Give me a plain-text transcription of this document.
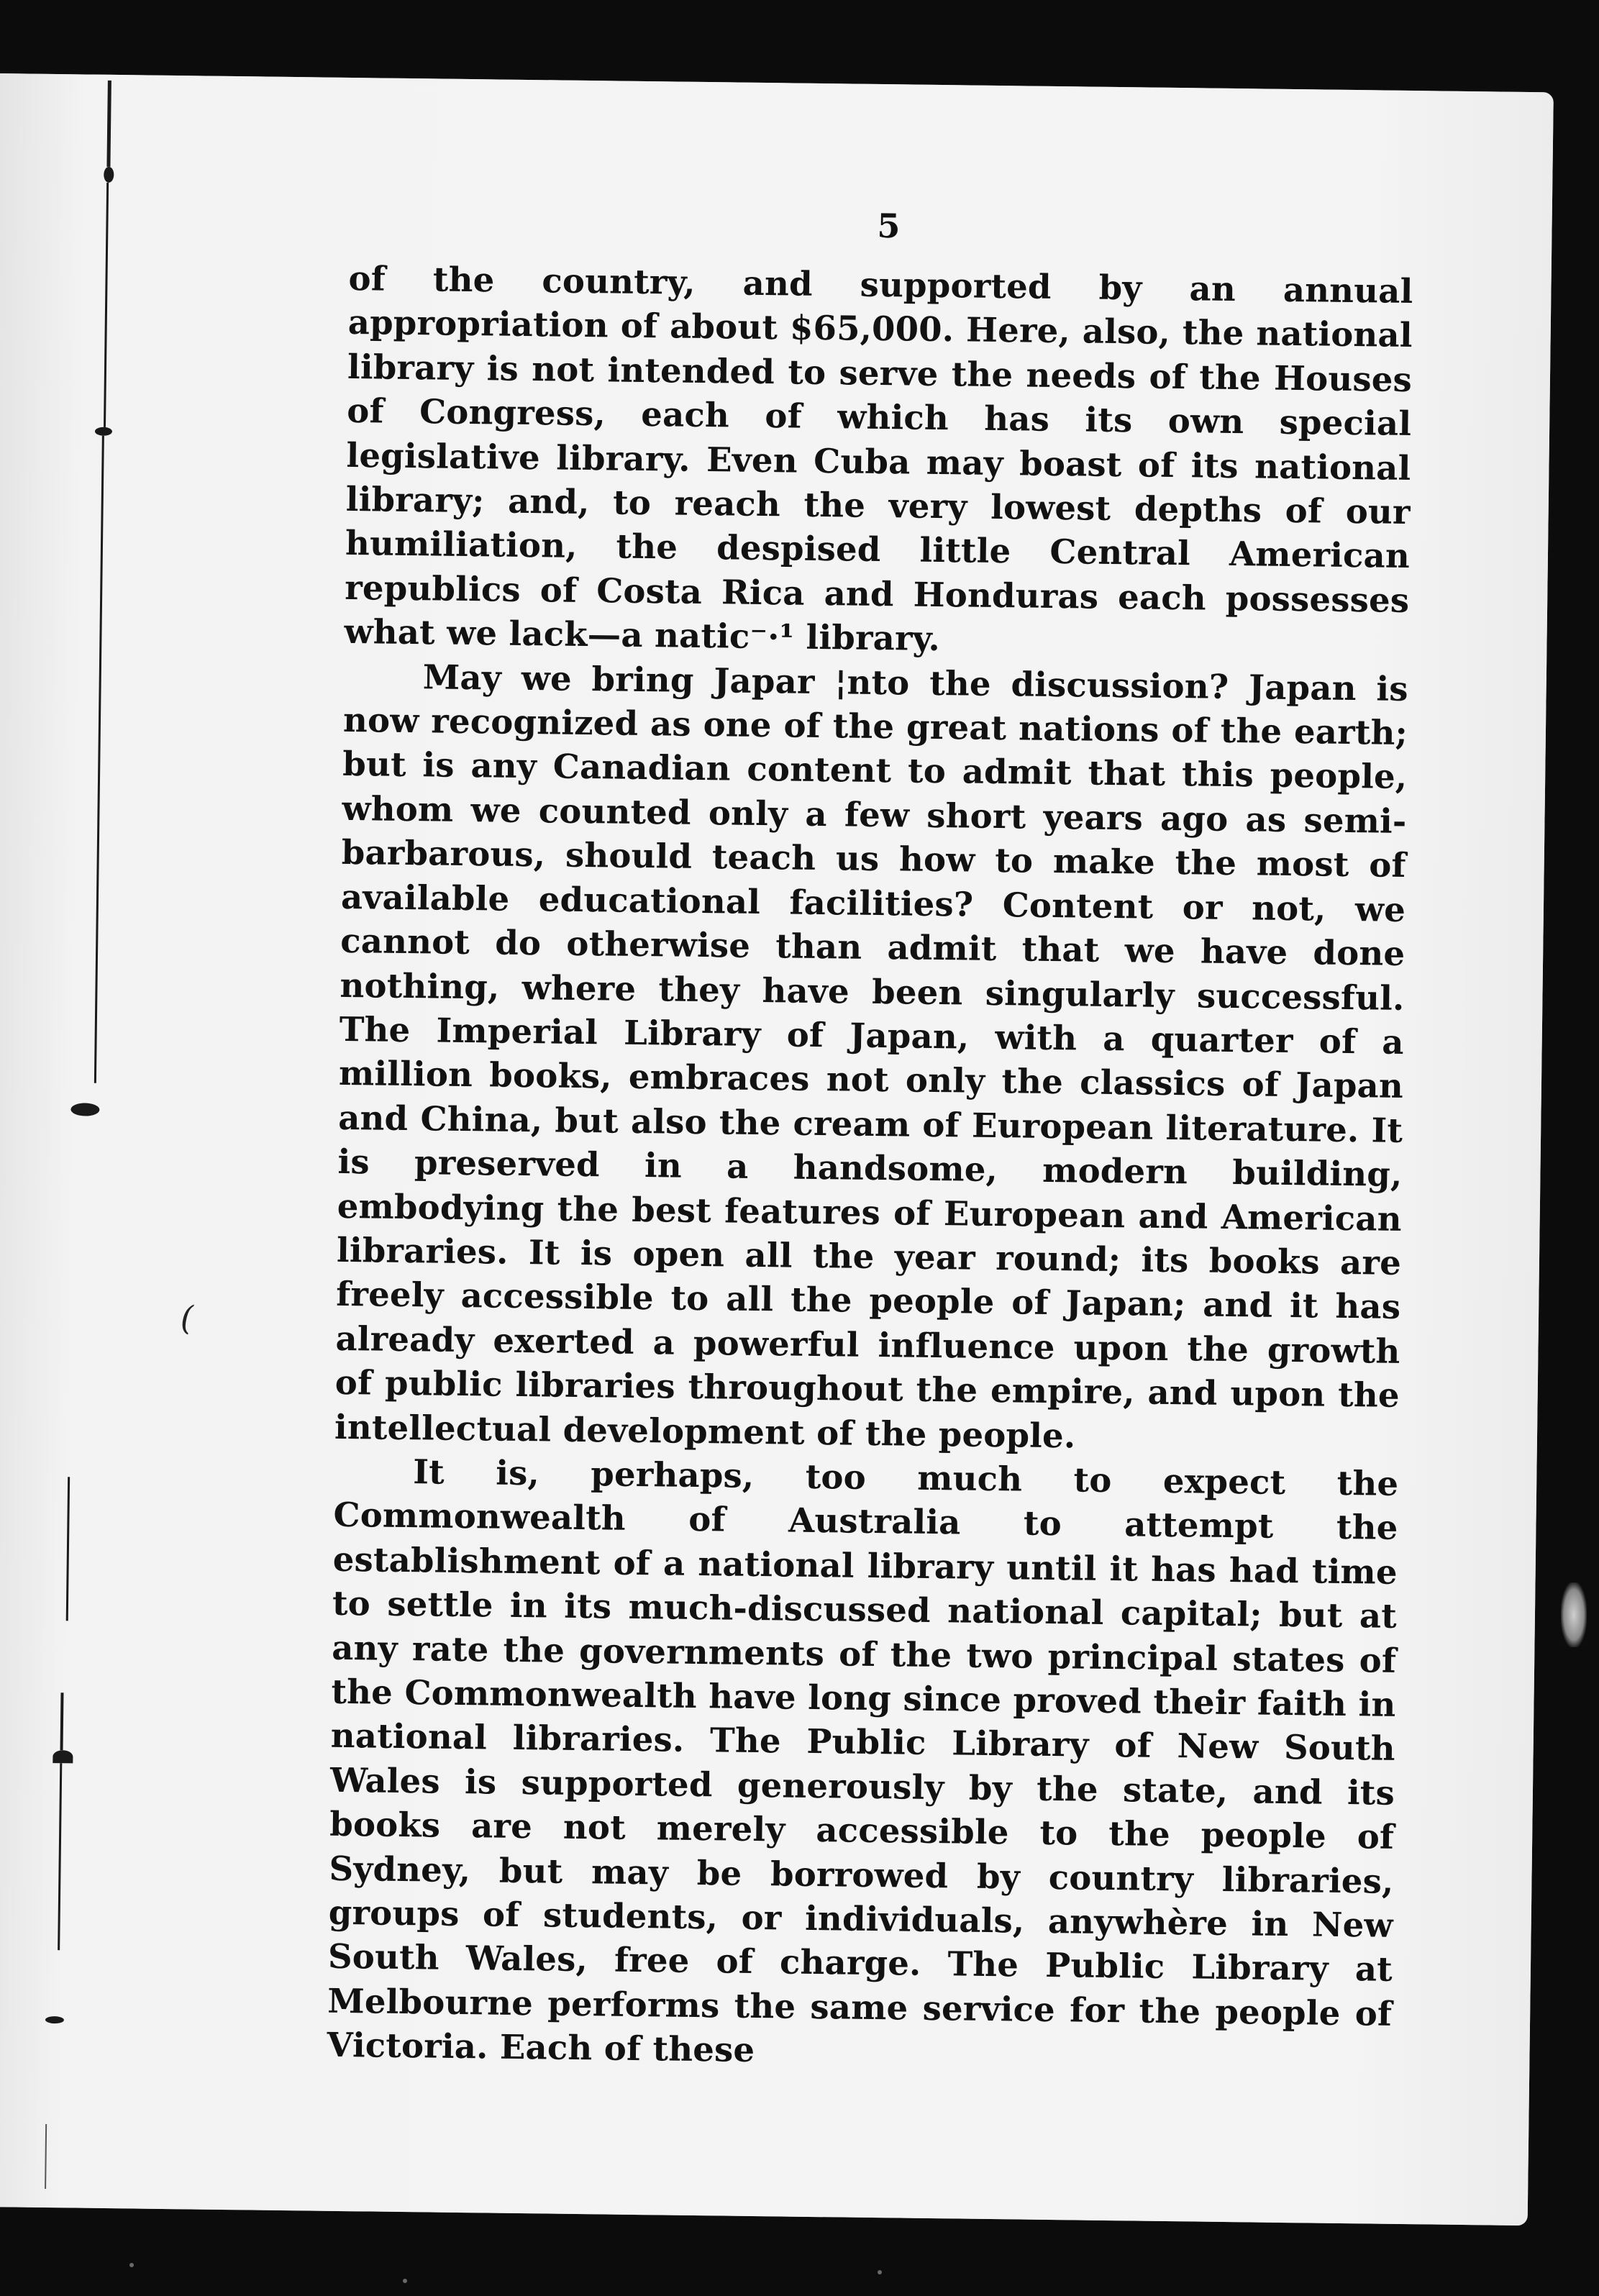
5

of the country, and supported by an annual appropriation of about $65,000. Here, also, the national library is not intended to serve the needs of the Houses of Congress, each of which has its own special legislative library. Even Cuba may boast of its national library; and, to reach the very lowest depths of our humiliation, the despised little Central American republics of Costa Rica and Honduras each possesses what we lack—a natic⁻·¹ library.

May we bring Japar ¦nto the discussion? Japan is now recognized as one of the great nations of the earth; but is any Canadian content to admit that this people, whom we counted only a few short years ago as semi-barbarous, should teach us how to make the most of available educational facilities? Content or not, we cannot do otherwise than admit that we have done nothing, where they have been singularly successful. The Imperial Library of Japan, with a quarter of a million books, embraces not only the classics of Japan and China, but also the cream of European literature. It is preserved in a handsome, modern building, embodying the best features of European and American libraries. It is open all the year round; its books are freely accessible to all the people of Japan; and it has already exerted a powerful influence upon the growth of public libraries throughout the empire, and upon the intellectual development of the people.

It is, perhaps, too much to expect the Commonwealth of Australia to attempt the establishment of a national library until it has had time to settle in its much-discussed national capital; but at any rate the governments of the two principal states of the Commonwealth have long since proved their faith in national libraries. The Public Library of New South Wales is supported generously by the state, and its books are not merely accessible to the people of Sydney, but may be borrowed by country libraries, groups of students, or individuals, anywhère in New South Wales, free of charge. The Public Library at Melbourne performs the same service for the people of Victoria. Each of these

(
